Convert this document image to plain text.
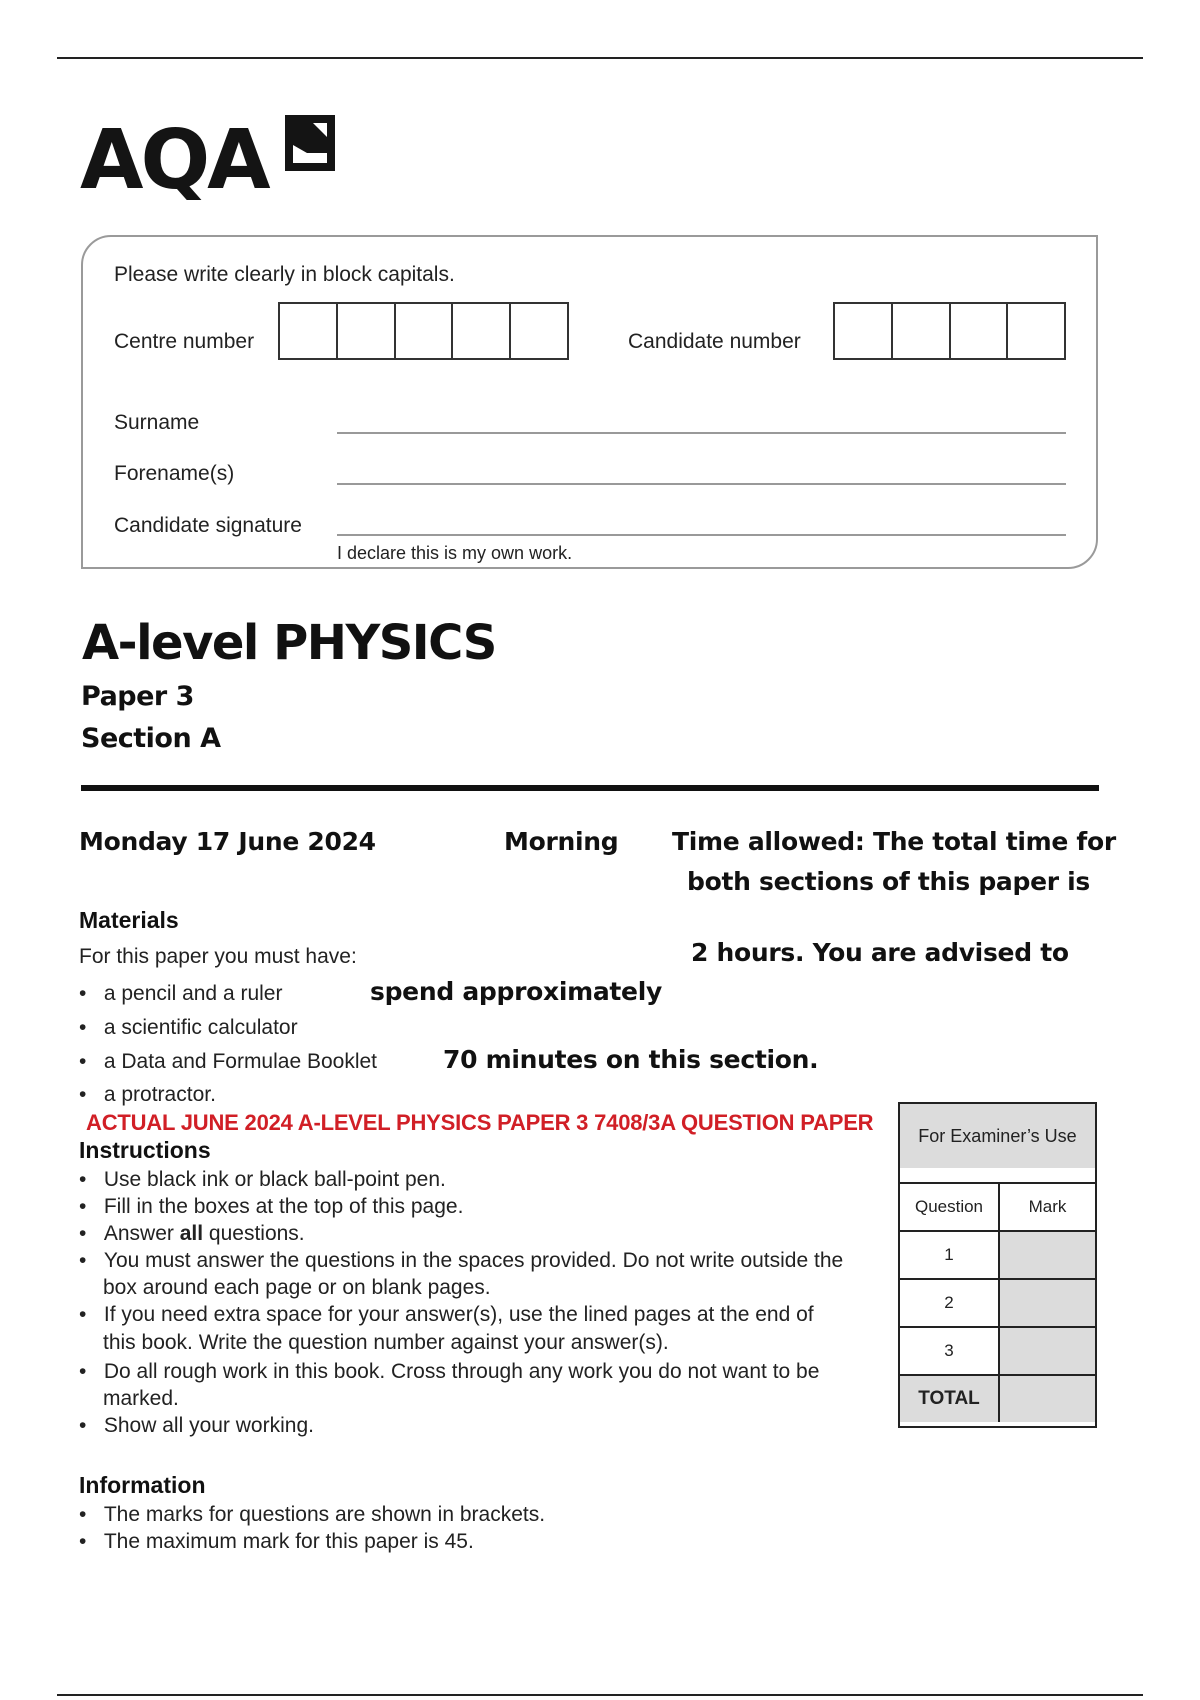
AQA
Please write clearly in block capitals.
Centre number	Candidate number
Surname
Forename(s)
Candidate signature
I declare this is my own work.
A-level PHYSICS
Paper 3
Section A
Monday 17 June 2024	Morning Time allowed: The total time for
both sections of this paper is
2 hours. You are advised to
spend approximately
70 minutes on this section.
Materials
For this paper you must have:
•   a pencil and a ruler
•   a scientific calculator
•   a Data and Formulae Booklet
•   a protractor.
ACTUAL JUNE 2024 A-LEVEL PHYSICS PAPER 3 7408/3A QUESTION PAPER
Instructions
•   Use black ink or black ball-point pen.
•   Fill in the boxes at the top of this page.
•   Answer all questions.
•   You must answer the questions in the spaces provided. Do not write outside the
box around each page or on blank pages.
•   If you need extra space for your answer(s), use the lined pages at the end of
this book. Write the question number against your answer(s).
•   Do all rough work in this book. Cross through any work you do not want to be
marked.
•   Show all your working.
Information
•   The marks for questions are shown in brackets.
•   The maximum mark for this paper is 45.
For Examiner’s Use
Question	Mark
1
2
3
TOTAL
